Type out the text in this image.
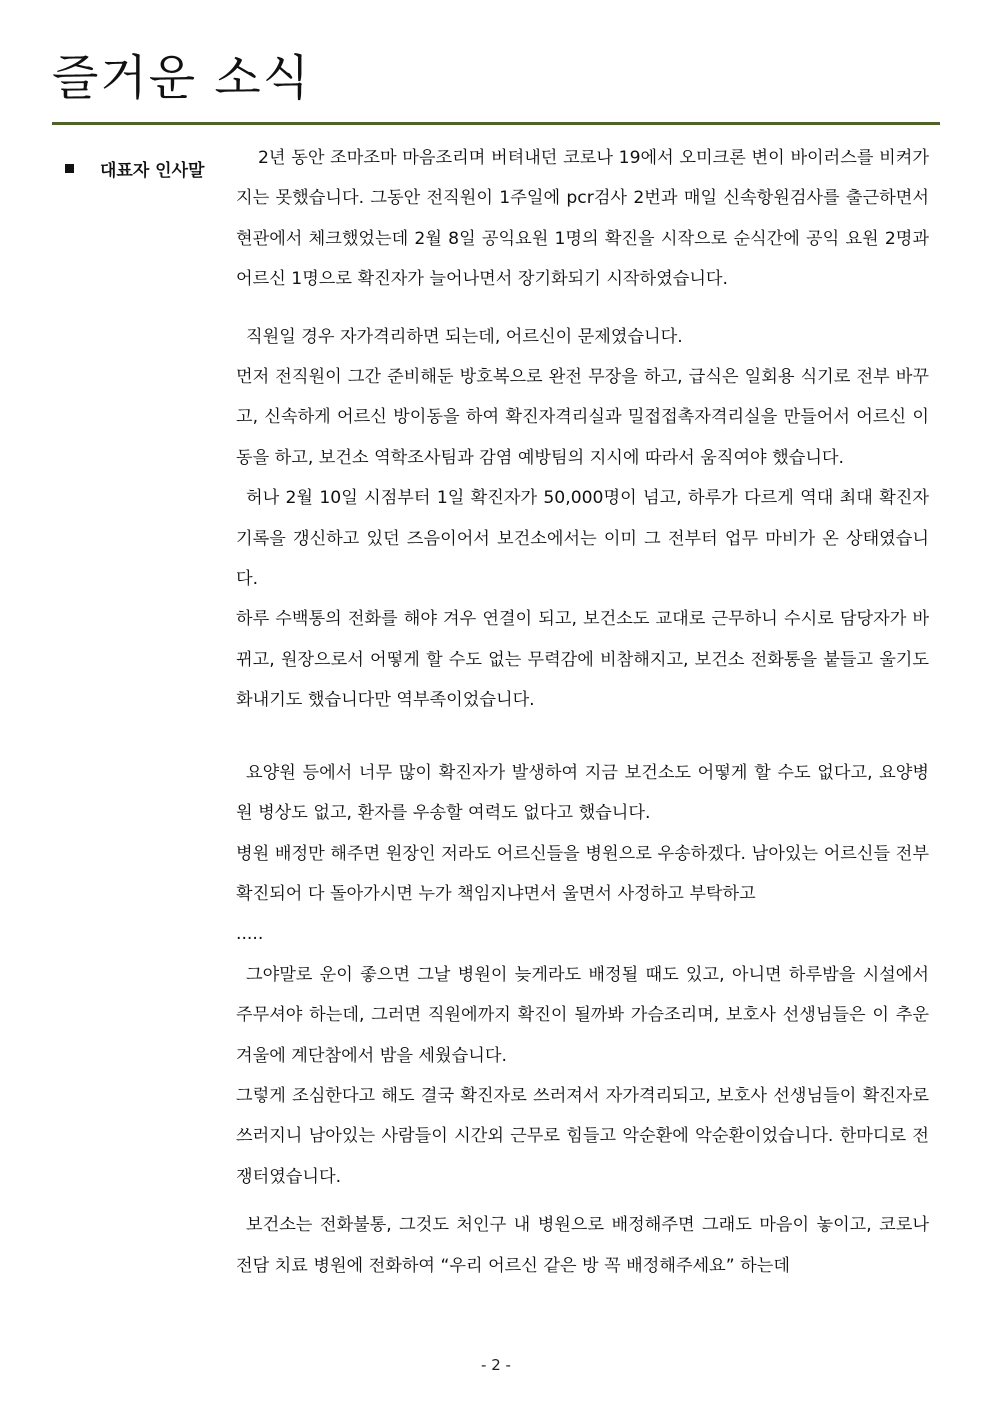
즐거운 소식
대표자 인사말

2년 동안 조마조마 마음조리며 버텨내던 코로나 19에서 오미크론 변이 바이러스를 비켜가지는 못했습니다. 그동안 전직원이 1주일에 pcr검사 2번과 매일 신속항원검사를 출근하면서 현관에서 체크했었는데 2월 8일 공익요원 1명의 확진을 시작으로 순식간에 공익 요원 2명과 어르신 1명으로 확진자가 늘어나면서 장기화되기 시작하였습니다.

직원일 경우 자가격리하면 되는데, 어르신이 문제였습니다.

먼저 전직원이 그간 준비해둔 방호복으로 완전 무장을 하고, 급식은 일회용 식기로 전부 바꾸고, 신속하게 어르신 방이동을 하여 확진자격리실과 밀접접촉자격리실을 만들어서 어르신 이동을 하고, 보건소 역학조사팀과 감염 예방팀의 지시에 따라서 움직여야 했습니다.

허나 2월 10일 시점부터 1일 확진자가 50,000명이 넘고, 하루가 다르게 역대 최대 확진자 기록을 갱신하고 있던 즈음이어서 보건소에서는 이미 그 전부터 업무 마비가 온 상태였습니다.

하루 수백통의 전화를 해야 겨우 연결이 되고, 보건소도 교대로 근무하니 수시로 담당자가 바뀌고, 원장으로서 어떻게 할 수도 없는 무력감에 비참해지고, 보건소 전화통을 붙들고 울기도 화내기도 했습니다만 역부족이었습니다.

요양원 등에서 너무 많이 확진자가 발생하여 지금 보건소도 어떻게 할 수도 없다고, 요양병원 병상도 없고, 환자를 우송할 여력도 없다고 했습니다.

병원 배정만 해주면 원장인 저라도 어르신들을 병원으로 우송하겠다. 남아있는 어르신들 전부 확진되어 다 돌아가시면 누가 책임지냐면서 울면서 사정하고 부탁하고

.....

그야말로 운이 좋으면 그날 병원이 늦게라도 배정될 때도 있고, 아니면 하루밤을 시설에서 주무셔야 하는데, 그러면 직원에까지 확진이 될까봐 가슴조리며, 보호사 선생님들은 이 추운 겨울에 계단참에서 밤을 세웠습니다.

그렇게 조심한다고 해도 결국 확진자로 쓰러져서 자가격리되고, 보호사 선생님들이 확진자로 쓰러지니 남아있는 사람들이 시간외 근무로 힘들고 악순환에 악순환이었습니다. 한마디로 전쟁터였습니다.

보건소는 전화불통, 그것도 처인구 내 병원으로 배정해주면 그래도 마음이 놓이고, 코로나 전담 치료 병원에 전화하여 “우리 어르신 같은 방 꼭 배정해주세요” 하는데

- 2 -
